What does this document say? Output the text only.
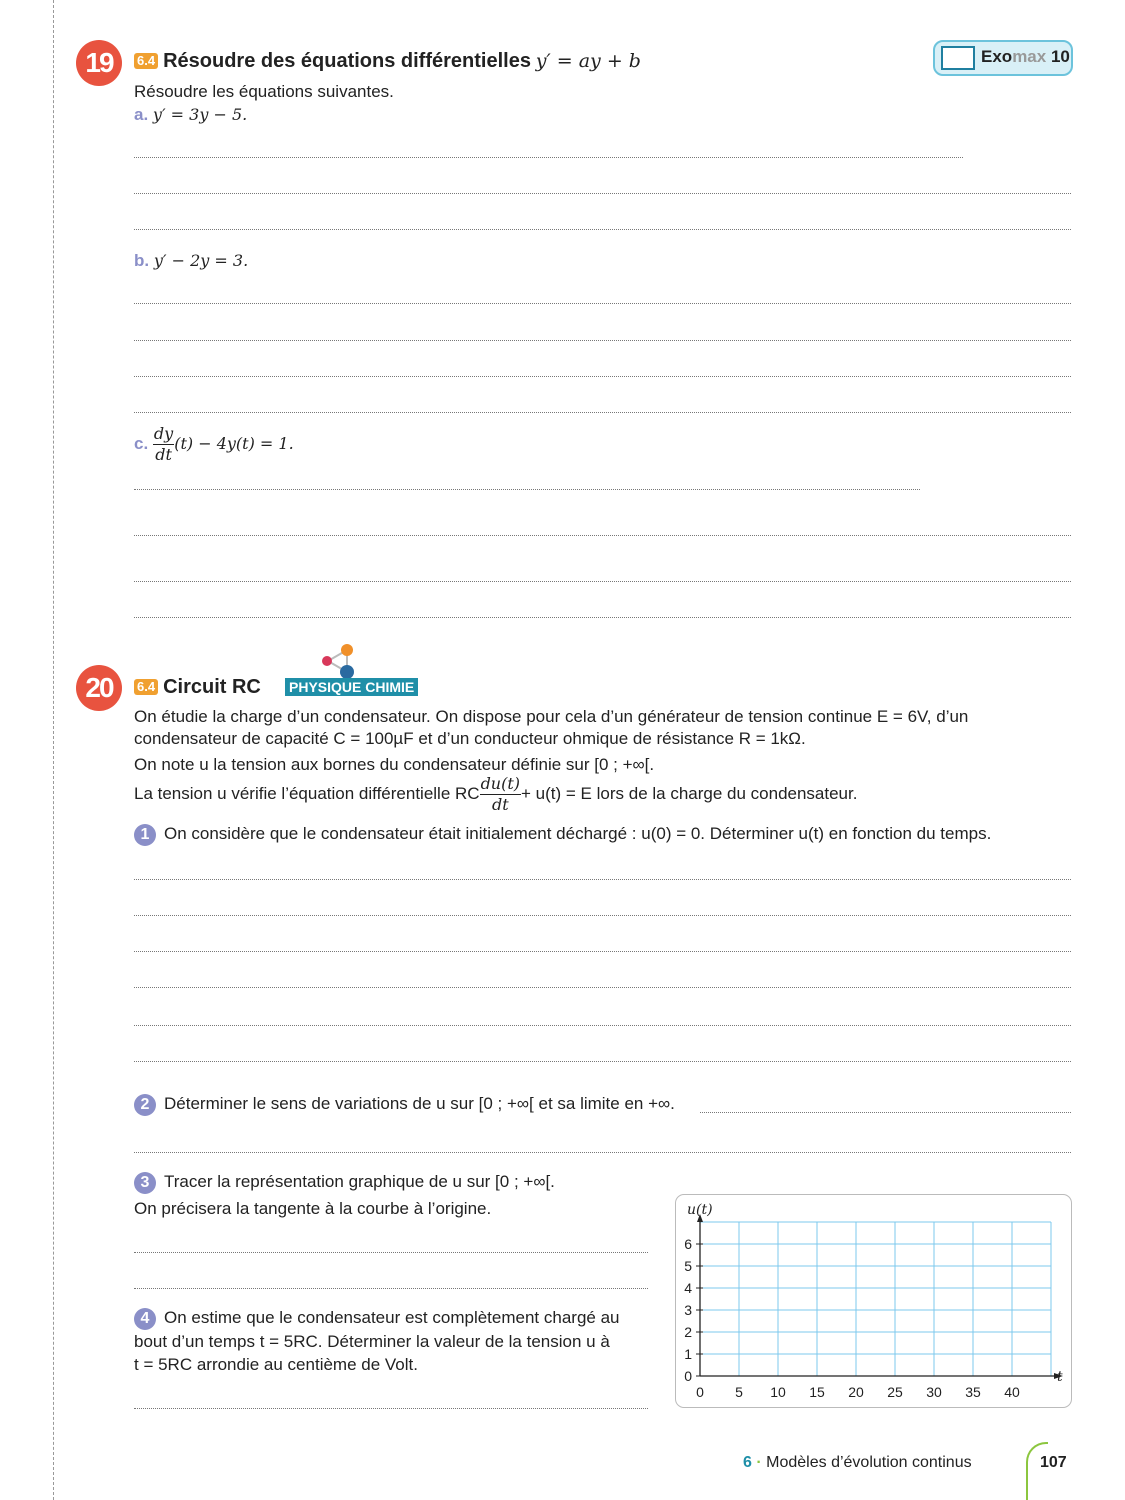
19	6.4 Résoudre des équations différentielles y′ = ay + b	Exomax 10
Résoudre les équations suivantes.
a. y′ = 3y − 5.
b. y′ − 2y = 3.
c. $\frac{dy}{dt} (t) - 4y(t) = 1$.
20	6.4 Circuit RC PHYSIQUE CHIMIE
On étudie la charge d’un condensateur. On dispose pour cela d’un générateur de tension continue E = 6V, d’un
condensateur de capacité C = 100µF et d’un conducteur ohmique de résistance R = 1kΩ.
On note u la tension aux bornes du condensateur définie sur [0 ; +∞[.
La tension u vérifie l’équation différentielle RC $\frac{du(t)}{dt} + u(t) = E$ lors de la charge du condensateur.
1 On considère que le condensateur était initialement déchargé : u(0) = 0. Déterminer u(t) en fonction du temps.
2 Déterminer le sens de variations de u sur [0 ; +∞[ et sa limite en +∞.
3 Tracer la représentation graphique de u sur [0 ; +∞[.
On précisera la tangente à la courbe à l’origine.
4 On estime que le condensateur est complètement chargé au
bout d’un temps t = 5RC. Déterminer la valeur de la tension u à
t = 5RC arrondie au centième de Volt.
0 5 10 15 20 25 30 35 40
0
1
2
3
4
5
6
u(t)
t
6 · Modèles d’évolution continus	107
